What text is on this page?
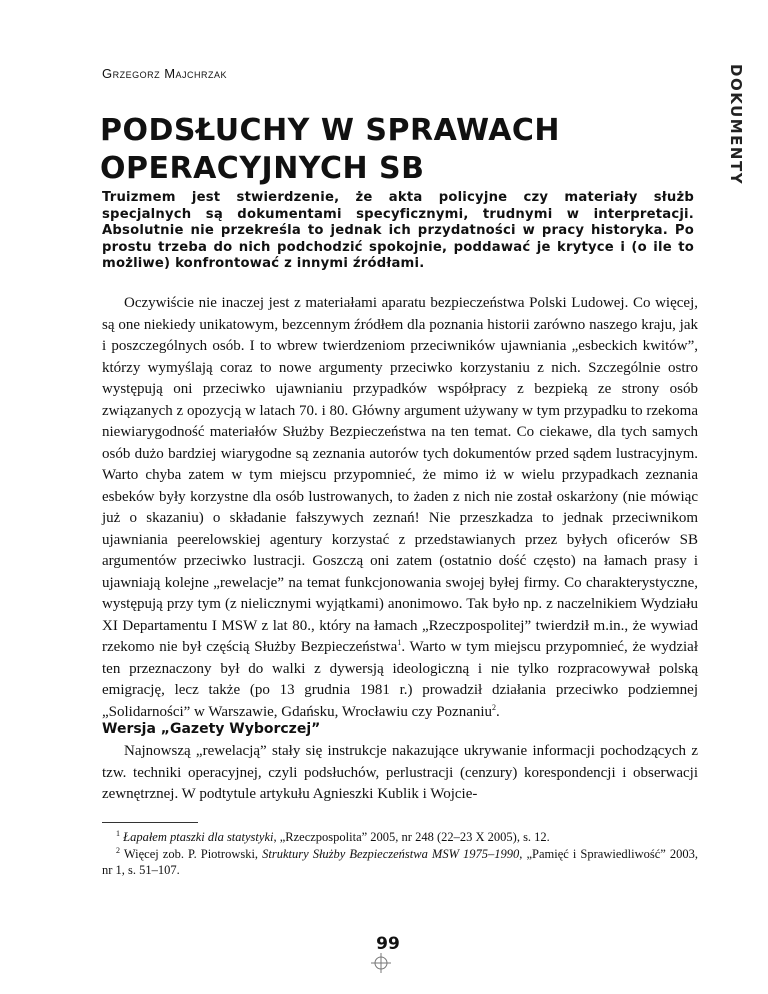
Grzegorz Majchrzak	DOKUMENTY
PODSŁUCHY W SPRAWACH OPERACYJNYCH SB

Truizmem jest stwierdzenie, że akta policyjne czy materiały służb specjalnych są dokumentami specyficznymi, trudnymi w interpretacji. Absolutnie nie przekreśla to jednak ich przydatności w pracy historyka. Po prostu trzeba do nich podchodzić spokojnie, poddawać je krytyce i (o ile to możliwe) konfrontować z innymi źródłami.

Oczywiście nie inaczej jest z materiałami aparatu bezpieczeństwa Polski Ludowej. Co więcej, są one niekiedy unikatowym, bezcennym źródłem dla poznania historii zarówno naszego kraju, jak i poszczególnych osób. I to wbrew twierdzeniom przeciwników ujawniania „esbeckich kwitów”, którzy wymyślają coraz to nowe argumenty przeciwko korzystaniu z nich. Szczególnie ostro występują oni przeciwko ujawnianiu przypadków współpracy z bezpieką ze strony osób związanych z opozycją w latach 70. i 80. Główny argument używany w tym przypadku to rzekoma niewiarygodność materiałów Służby Bezpieczeństwa na ten temat. Co ciekawe, dla tych samych osób dużo bardziej wiarygodne są zeznania autorów tych dokumentów przed sądem lustracyjnym. Warto chyba zatem w tym miejscu przypomnieć, że mimo iż w wielu przypadkach zeznania esbeków były korzystne dla osób lustrowanych, to żaden z nich nie został oskarżony (nie mówiąc już o skazaniu) o składanie fałszywych zeznań! Nie przeszkadza to jednak przeciwnikom ujawniania peerelowskiej agentury korzystać z przedstawianych przez byłych oficerów SB argumentów przeciwko lustracji. Goszczą oni zatem (ostatnio dość często) na łamach prasy i ujawniają kolejne „rewelacje” na temat funkcjonowania swojej byłej firmy. Co charakterystyczne, występują przy tym (z nielicznymi wyjątkami) anonimowo. Tak było np. z naczelnikiem Wydziału XI Departamentu I MSW z lat 80., który na łamach „Rzeczpospolitej” twierdził m.in., że wywiad rzekomo nie był częścią Służby Bezpieczeństwa$^1$. Warto w tym miejscu przypomnieć, że wydział ten przeznaczony był do walki z dywersją ideologiczną i nie tylko rozpracowywał polską emigrację, lecz także (po 13 grudnia 1981 r.) prowadził działania przeciwko podziemnej „Solidarności” w Warszawie, Gdańsku, Wrocławiu czy Poznaniu$^2$.

Wersja „Gazety Wyborczej”

Najnowszą „rewelacją” stały się instrukcje nakazujące ukrywanie informacji pochodzących z tzw. techniki operacyjnej, czyli podsłuchów, perlustracji (cenzury) korespondencji i obserwacji zewnętrznej. W podtytule artykułu Agnieszki Kublik i Wojcie-

$^1$ Łapałem ptaszki dla statystyki, „Rzeczpospolita” 2005, nr 248 (22–23 X 2005), s. 12.

$^2$ Więcej zob. P. Piotrowski, Struktury Służby Bezpieczeństwa MSW 1975–1990, „Pamięć i Sprawiedliwość” 2003, nr 1, s. 51–107.

99
